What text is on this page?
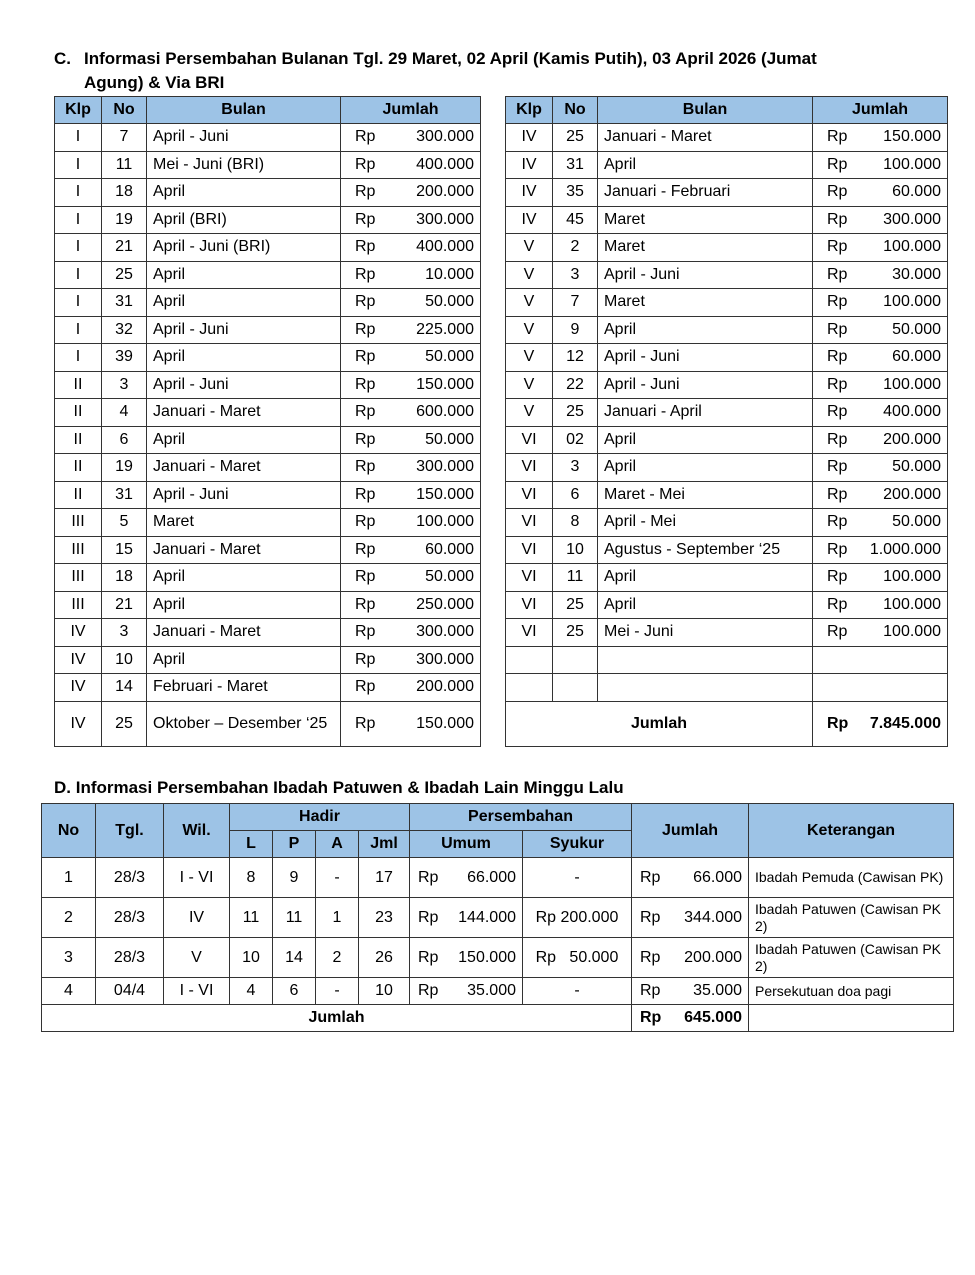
C. Informasi Persembahan Bulanan Tgl. 29 Maret, 02 April (Kamis Putih), 03 April 2026 (Jumat
Agung) & Via BRI
Klp	No	Bulan	Jumlah
I	7	April - Juni	Rp 300.000

I	11	Mei - Juni (BRI)	Rp 400.000

I	18	April	Rp 200.000

I	19	April (BRI)	Rp 300.000

I	21	April - Juni (BRI)	Rp 400.000

I	25	April	Rp 10.000

I	31	April	Rp 50.000

I	32	April - Juni	Rp 225.000

I	39	April	Rp 50.000

II	3	April - Juni	Rp 150.000

II	4	Januari - Maret	Rp 600.000

II	6	April	Rp 50.000

II	19	Januari - Maret	Rp 300.000

II	31	April - Juni	Rp 150.000

III	5	Maret	Rp 100.000

III	15	Januari - Maret	Rp 60.000

III	18	April	Rp 50.000

III	21	April	Rp 250.000

IV	3	Januari - Maret	Rp 300.000

IV	10	April	Rp 300.000

IV	14	Februari - Maret	Rp 200.000

IV	25	Oktober – Desember ‘25	Rp 150.000
Klp	No	Bulan	Jumlah
IV	25	Januari - Maret	Rp 150.000

IV	31	April	Rp 100.000

IV	35	Januari - Februari	Rp 60.000

IV	45	Maret	Rp 300.000

V	2	Maret	Rp 100.000

V	3	April - Juni	Rp 30.000

V	7	Maret	Rp 100.000

V	9	April	Rp 50.000

V	12	April - Juni	Rp 60.000

V	22	April - Juni	Rp 100.000

V	25	Januari - April	Rp 400.000

VI	02	April	Rp 200.000

VI	3	April	Rp 50.000

VI	6	Maret - Mei	Rp 200.000

VI	8	April - Mei	Rp 50.000

VI	10	Agustus - September ‘25	Rp 1.000.000

VI	11	April	Rp 100.000

VI	25	April	Rp 100.000

VI	25	Mei - Juni	Rp 100.000

Jumlah			Rp 7.845.000
D. Informasi Persembahan Ibadah Patuwen & Ibadah Lain Minggu Lalu
No	Tgl.	Wil.	Hadir				Persembahan		Jumlah	Keterangan
			L	P	A	Jml	Umum	Syukur		
1	28/3	I - VI	8	9	-	17	Rp 66.000	-	Rp 66.000	Ibadah Pemuda (Cawisan PK)
2	28/3	IV	11	11	1	23	Rp 144.000	Rp 200.000	Rp 344.000	Ibadah Patuwen (Cawisan PK 2)
3	28/3	V	10	14	2	26	Rp 150.000	Rp   50.000	Rp 200.000	Ibadah Patuwen (Cawisan PK 2)
4	04/4	I - VI	4	6	-	10	Rp 35.000	-	Rp 35.000	Persekutuan doa pagi
Jumlah									Rp 645.000	
